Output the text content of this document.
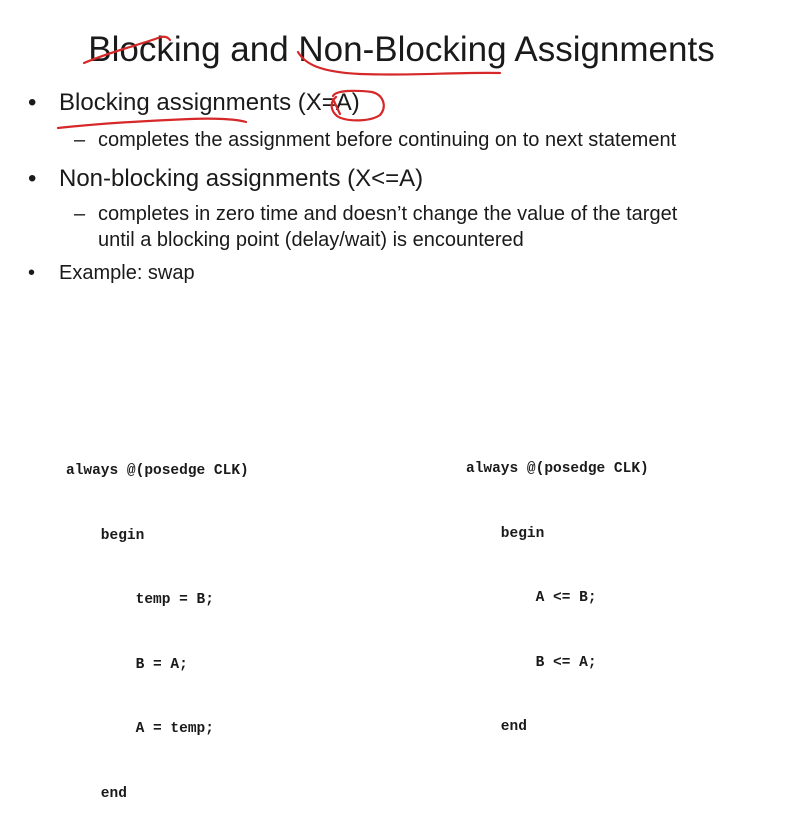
Blocking and Non-Blocking Assignments
• Blocking assignments (X=A)
– completes the assignment before continuing on to next statement
• Non-blocking assignments (X<=A)
– completes in zero time and doesn’t change the value of the target
until a blocking point (delay/wait) is encountered
• Example: swap

always @(posedge CLK)

begin

temp = B;

B = A;

A = temp;

end

always @(posedge CLK)

begin

A <= B;

B <= A;

end
